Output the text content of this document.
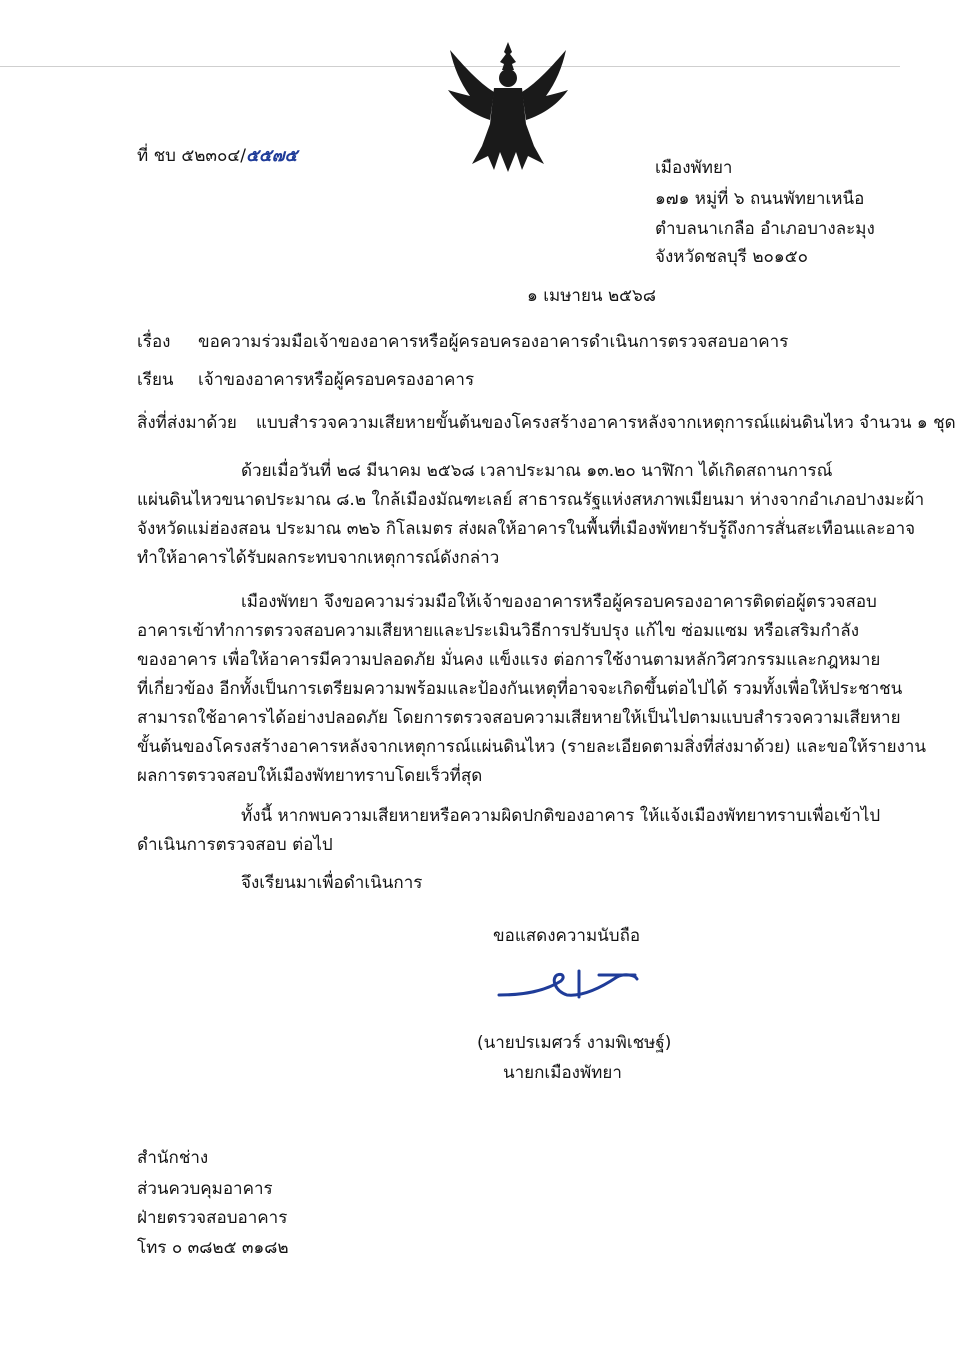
ที่ ชบ ๕๒๓๐๔/๕๕๗๕
เมืองพัทยา
๑๗๑ หมู่ที่ ๖ ถนนพัทยาเหนือ
ตำบลนาเกลือ อำเภอบางละมุง
จังหวัดชลบุรี ๒๐๑๕๐
๑ เมษายน ๒๕๖๘
เรื่อง ขอความร่วมมือเจ้าของอาคารหรือผู้ครอบครองอาคารดำเนินการตรวจสอบอาคาร
เรียน เจ้าของอาคารหรือผู้ครอบครองอาคาร
สิ่งที่ส่งมาด้วย แบบสำรวจความเสียหายขั้นต้นของโครงสร้างอาคารหลังจากเหตุการณ์แผ่นดินไหว จำนวน ๑ ชุด
ด้วยเมื่อวันที่ ๒๘ มีนาคม ๒๕๖๘ เวลาประมาณ ๑๓.๒๐ นาฬิกา ได้เกิดสถานการณ์
แผ่นดินไหวขนาดประมาณ ๘.๒ ใกล้เมืองมัณฑะเลย์ สาธารณรัฐแห่งสหภาพเมียนมา ห่างจากอำเภอปางมะผ้า
จังหวัดแม่ฮ่องสอน ประมาณ ๓๒๖ กิโลเมตร ส่งผลให้อาคารในพื้นที่เมืองพัทยารับรู้ถึงการสั่นสะเทือนและอาจ
ทำให้อาคารได้รับผลกระทบจากเหตุการณ์ดังกล่าว
เมืองพัทยา จึงขอความร่วมมือให้เจ้าของอาคารหรือผู้ครอบครองอาคารติดต่อผู้ตรวจสอบ
อาคารเข้าทำการตรวจสอบความเสียหายและประเมินวิธีการปรับปรุง แก้ไข ซ่อมแซม หรือเสริมกำลัง
ของอาคาร เพื่อให้อาคารมีความปลอดภัย มั่นคง แข็งแรง ต่อการใช้งานตามหลักวิศวกรรมและกฎหมาย
ที่เกี่ยวข้อง อีกทั้งเป็นการเตรียมความพร้อมและป้องกันเหตุที่อาจจะเกิดขึ้นต่อไปได้ รวมทั้งเพื่อให้ประชาชน
สามารถใช้อาคารได้อย่างปลอดภัย โดยการตรวจสอบความเสียหายให้เป็นไปตามแบบสำรวจความเสียหาย
ขั้นต้นของโครงสร้างอาคารหลังจากเหตุการณ์แผ่นดินไหว (รายละเอียดตามสิ่งที่ส่งมาด้วย) และขอให้รายงาน
ผลการตรวจสอบให้เมืองพัทยาทราบโดยเร็วที่สุด
ทั้งนี้ หากพบความเสียหายหรือความผิดปกติของอาคาร ให้แจ้งเมืองพัทยาทราบเพื่อเข้าไป
ดำเนินการตรวจสอบ ต่อไป
จึงเรียนมาเพื่อดำเนินการ
ขอแสดงความนับถือ
(นายปรเมศวร์ งามพิเชษฐ์)
นายกเมืองพัทยา
สำนักช่าง
ส่วนควบคุมอาคาร
ฝ่ายตรวจสอบอาคาร
โทร ๐ ๓๘๒๕ ๓๑๘๒
